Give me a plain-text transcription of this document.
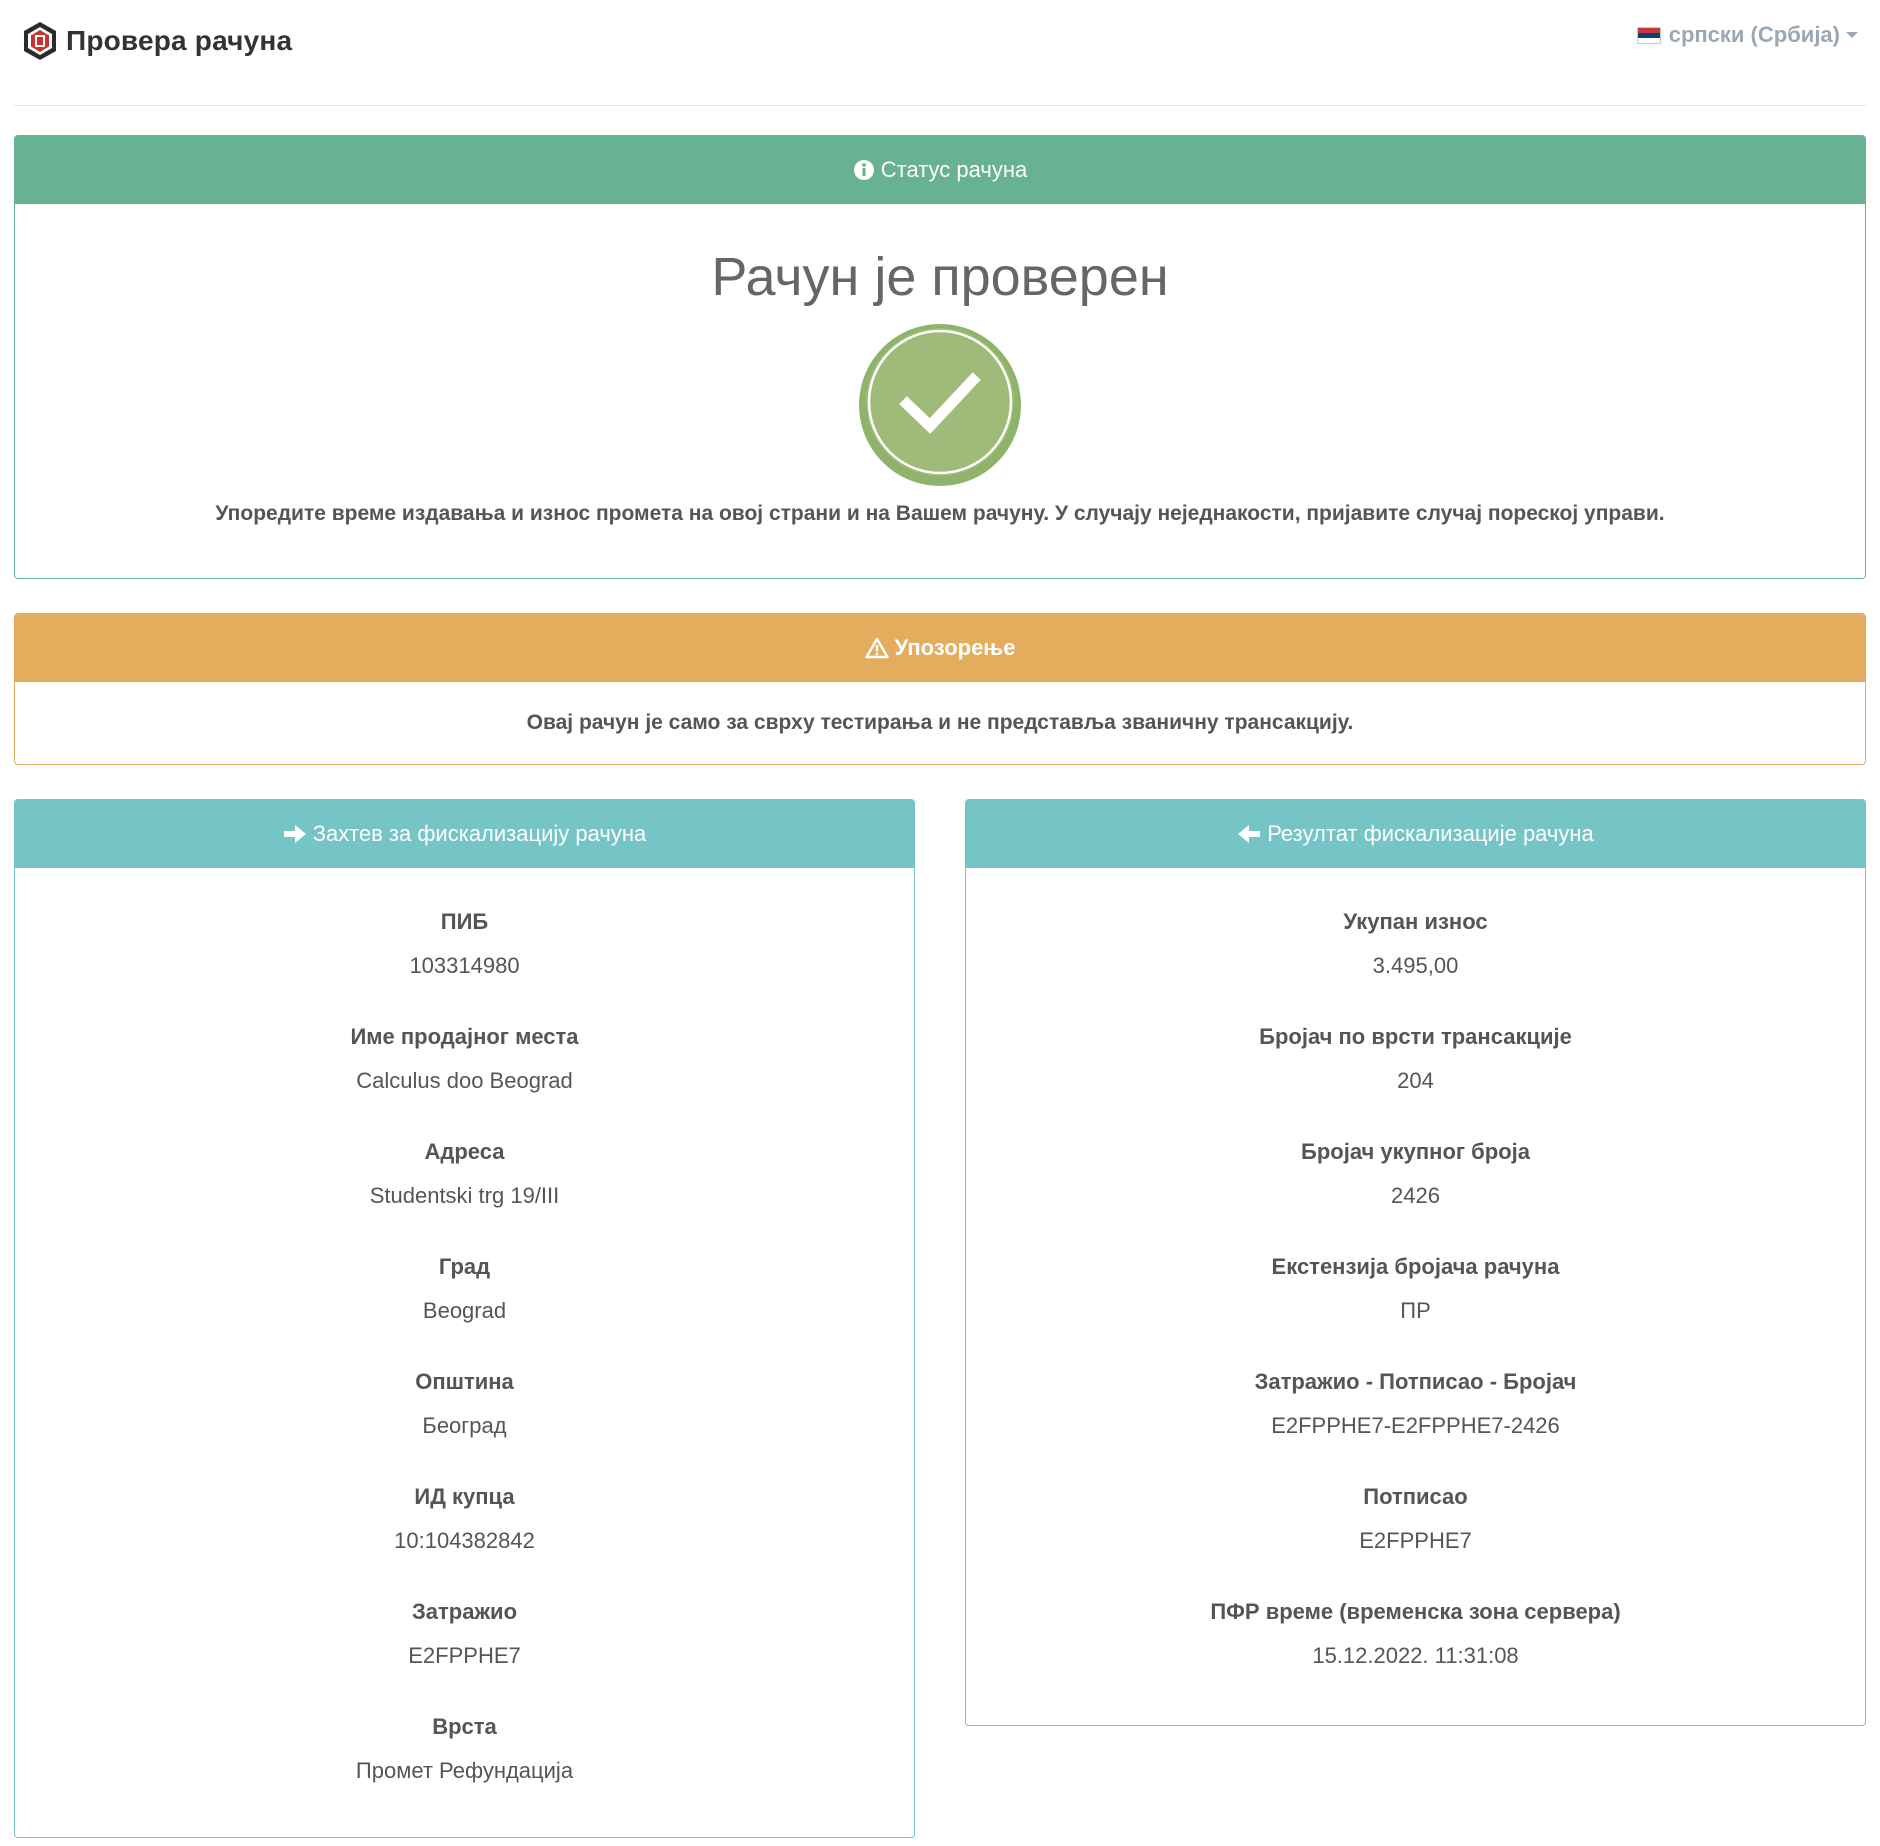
Провера рачуна	српски (Србија)
Статус рачуна
Рачун је проверен
Упоредите време издавања и износ промета на овој страни и на Вашем рачуну. У случају неједнакости, пријавите случај пореској управи.
Упозорење
Овај рачун је само за сврху тестирања и не представља званичну трансакцију.
Захтев за фискализацију рачуна
ПИБ
103314980
Име продајног места
Calculus doo Beograd
Адреса
Studentski trg 19/III
Град
Beograd
Општина
Београд
ИД купца
10:104382842
Затражио
E2FPPHE7
Врста
Промет Рефундација
Резултат фискализације рачуна
Укупан износ
3.495,00
Бројач по врсти трансакције
204
Бројач укупног броја
2426
Екстензија бројача рачуна
ПР
Затражио - Потписао - Бројач
E2FPPHE7-E2FPPHE7-2426
Потписао
E2FPPHE7
ПФР време (временска зона сервера)
15.12.2022. 11:31:08
